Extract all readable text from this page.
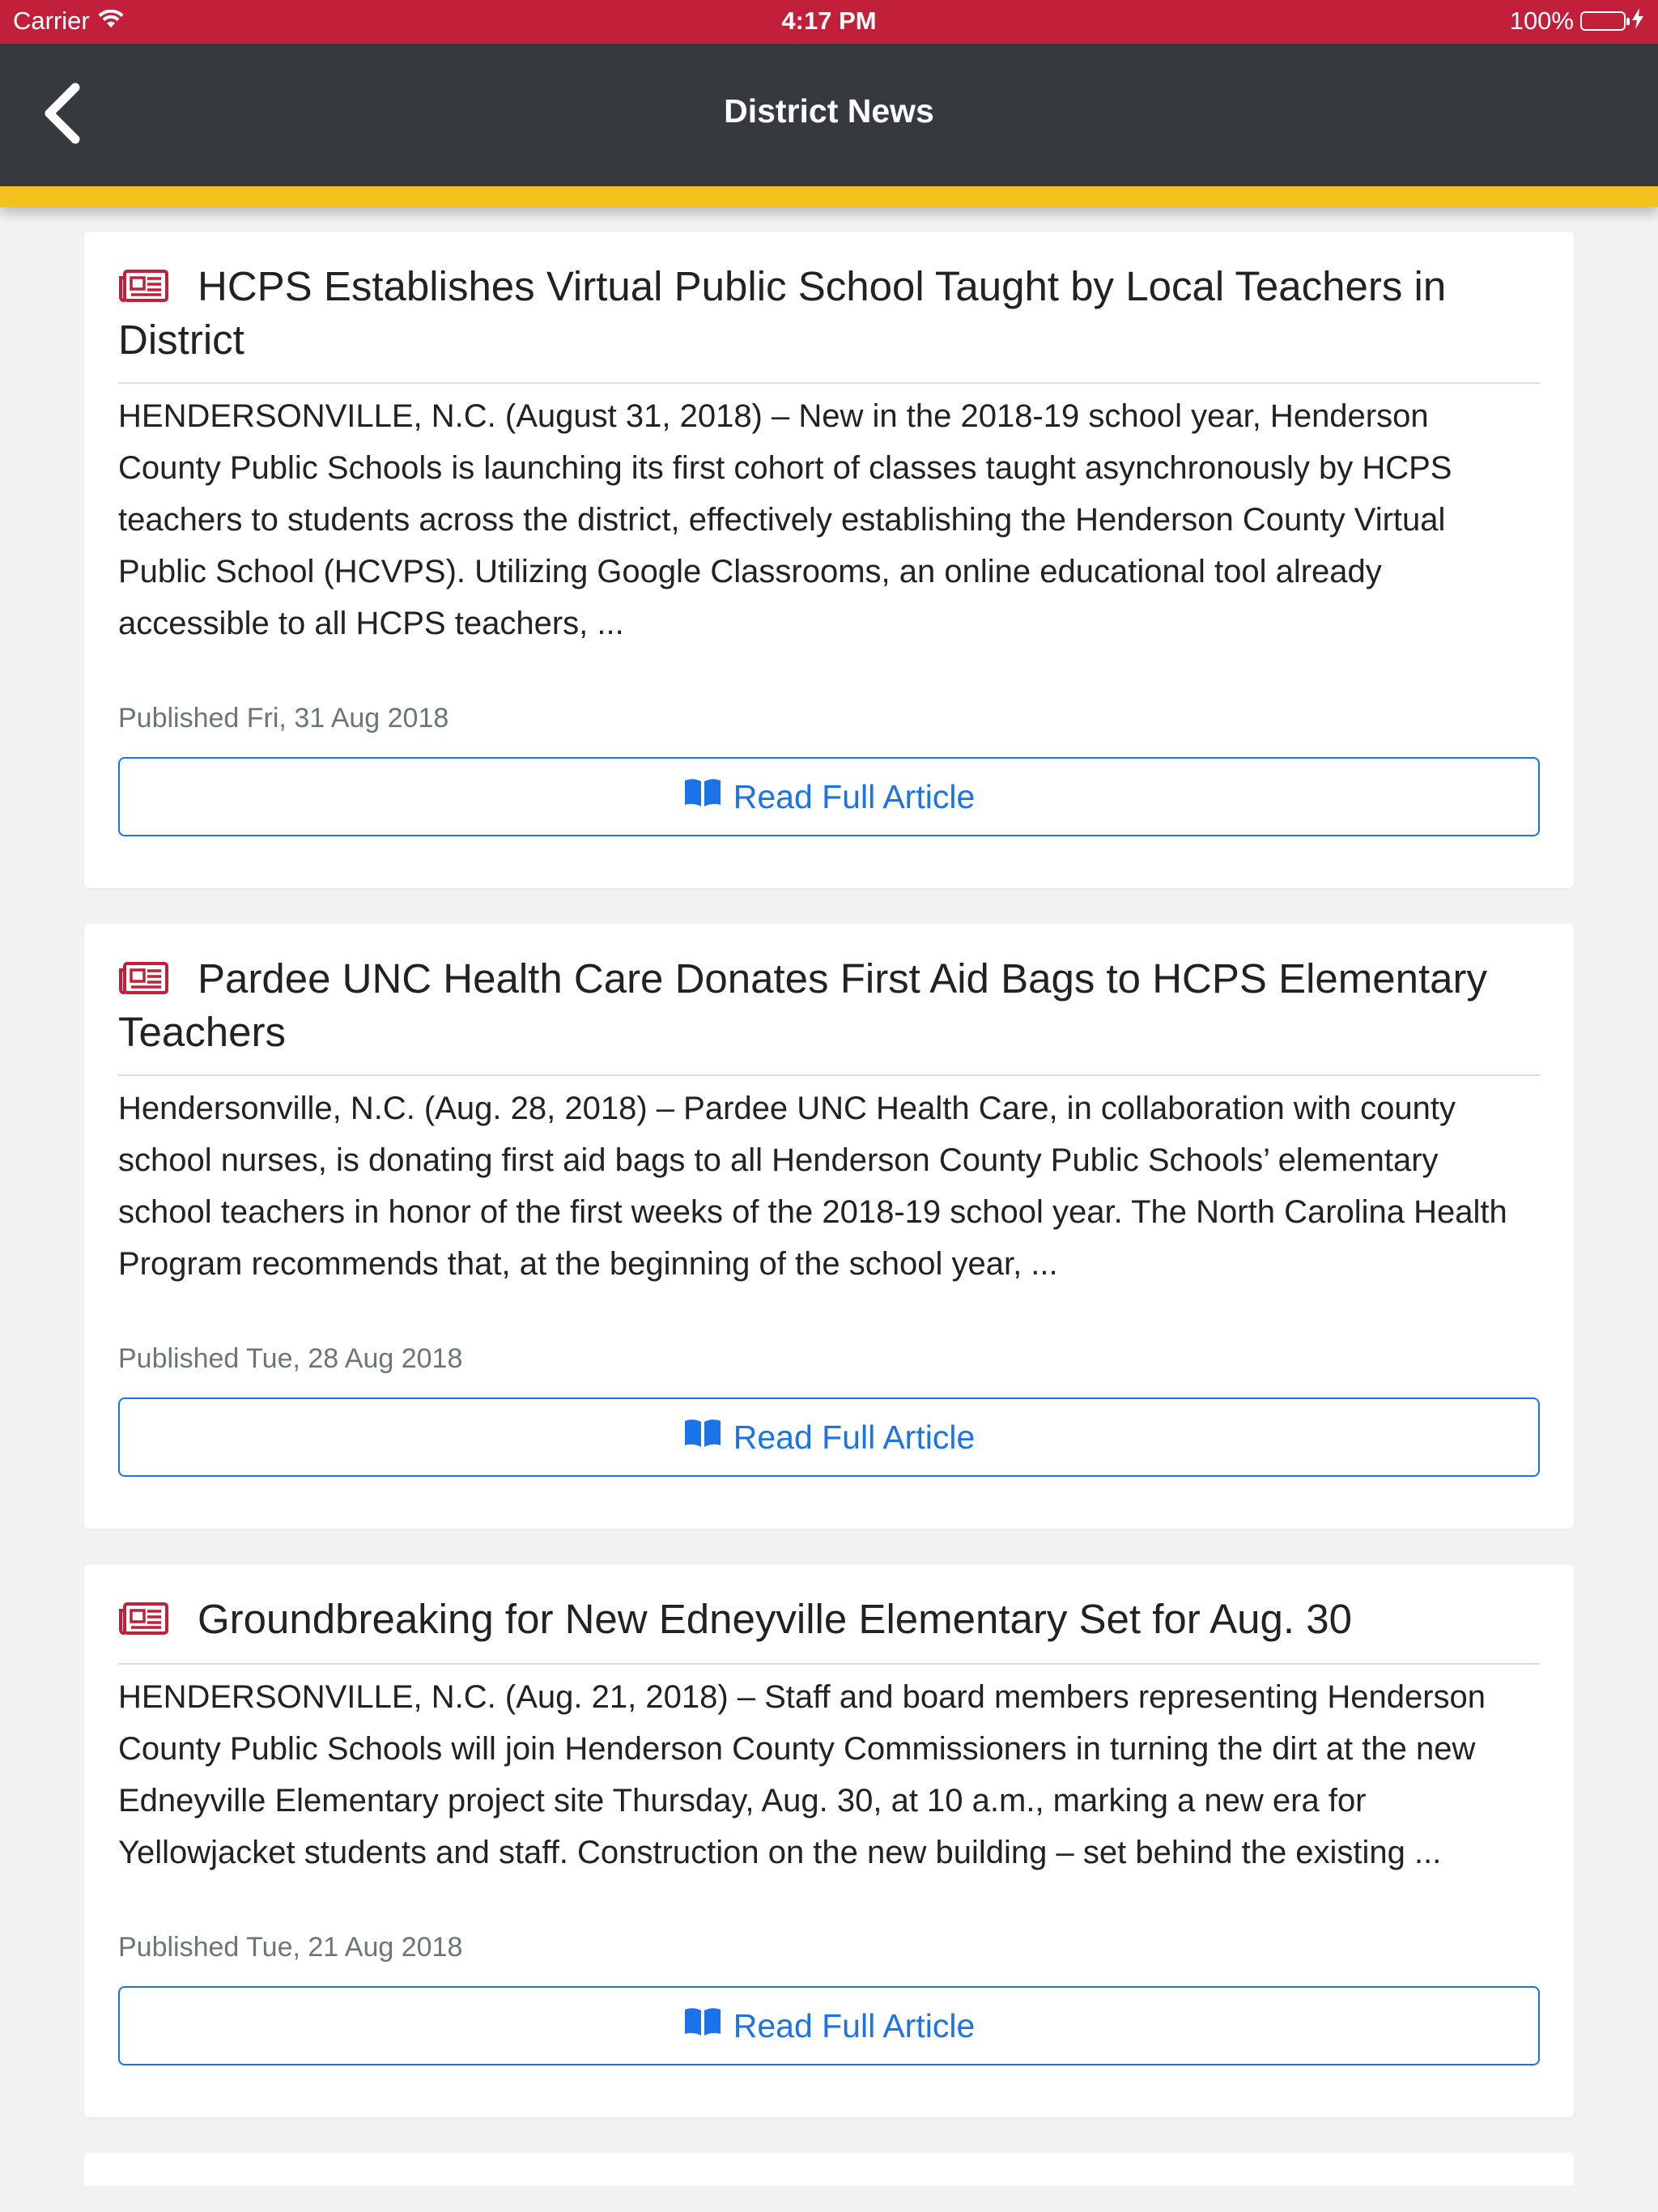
Carrier	4:17 PM	100%
District News
HCPS Establishes Virtual Public School Taught by Local Teachers in District
HENDERSONVILLE, N.C. (August 31, 2018) – New in the 2018-19 school year, Henderson County Public Schools is launching its first cohort of classes taught asynchronously by HCPS teachers to students across the district, effectively establishing the Henderson County Virtual Public School (HCVPS). Utilizing Google Classrooms, an online educational tool already accessible to all HCPS teachers, ...
Published Fri, 31 Aug 2018
Read Full Article
Pardee UNC Health Care Donates First Aid Bags to HCPS Elementary Teachers
Hendersonville, N.C. (Aug. 28, 2018) – Pardee UNC Health Care, in collaboration with county school nurses, is donating first aid bags to all Henderson County Public Schools’ elementary school teachers in honor of the first weeks of the 2018-19 school year. The North Carolina Health Program recommends that, at the beginning of the school year, ...
Published Tue, 28 Aug 2018
Read Full Article
Groundbreaking for New Edneyville Elementary Set for Aug. 30
HENDERSONVILLE, N.C. (Aug. 21, 2018) – Staff and board members representing Henderson County Public Schools will join Henderson County Commissioners in turning the dirt at the new Edneyville Elementary project site Thursday, Aug. 30, at 10 a.m., marking a new era for Yellowjacket students and staff. Construction on the new building – set behind the existing ...
Published Tue, 21 Aug 2018
Read Full Article
